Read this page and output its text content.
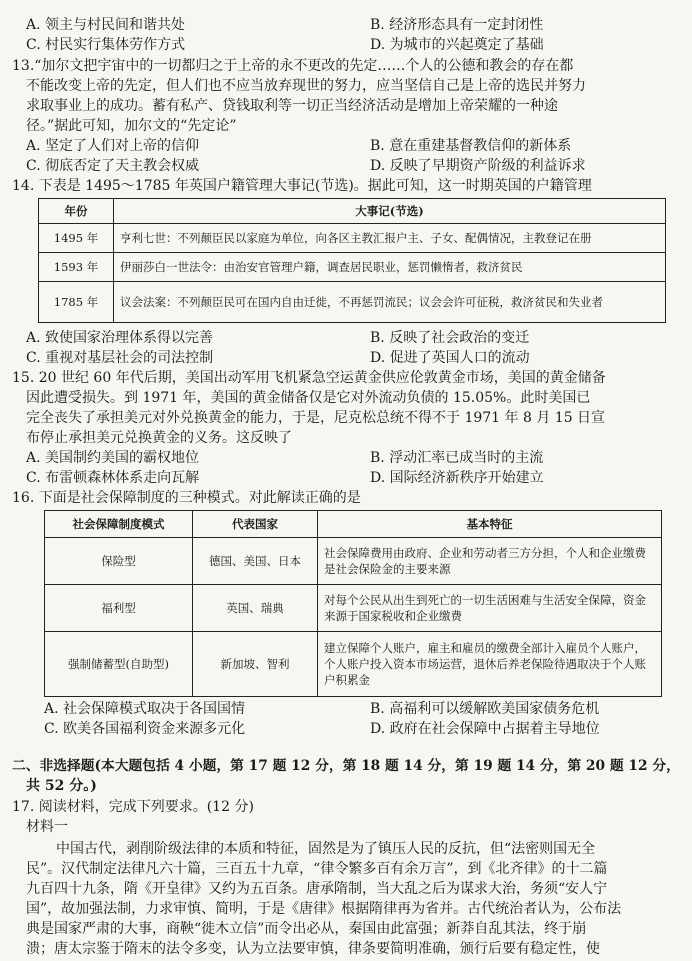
A. 领主与村民间和谐共处	B. 经济形态具有一定封闭性
C. 村民实行集体劳作方式	D. 为城市的兴起奠定了基础
13.“加尔文把宇宙中的一切都归之于上帝的永不更改的先定……个人的公德和教会的存在都
不能改变上帝的先定，但人们也不应当放弃现世的努力，应当坚信自己是上帝的选民并努力
求取事业上的成功。蓄有私产、贷钱取利等一切正当经济活动是增加上帝荣耀的一种途
径。”据此可知，加尔文的“先定论”
A. 坚定了人们对上帝的信仰	B. 意在重建基督教信仰的新体系
C. 彻底否定了天主教会权威	D. 反映了早期资产阶级的利益诉求
14. 下表是 1495～1785 年英国户籍管理大事记(节选)。据此可知，这一时期英国的户籍管理
年份	大事记(节选)
1495 年	亨利七世：不列颠臣民以家庭为单位，向各区主教汇报户主、子女、配偶情况，主教登记在册
1593 年	伊丽莎白一世法令：由治安官管理户籍，调查居民职业，惩罚懒惰者，救济贫民
1785 年	议会法案：不列颠臣民可在国内自由迁徙，不再惩罚流民；议会会许可征税，救济贫民和失业者
A. 致使国家治理体系得以完善	B. 反映了社会政治的变迁
C. 重视对基层社会的司法控制	D. 促进了英国人口的流动
15. 20 世纪 60 年代后期，美国出动军用飞机紧急空运黄金供应伦敦黄金市场，美国的黄金储备
因此遭受损失。到 1971 年，美国的黄金储备仅是它对外流动负债的 15.05%。此时美国已
完全丧失了承担美元对外兑换黄金的能力，于是，尼克松总统不得不于 1971 年 8 月 15 日宣
布停止承担美元兑换黄金的义务。这反映了
A. 美国制约美国的霸权地位	B. 浮动汇率已成当时的主流
C. 布雷顿森林体系走向瓦解	D. 国际经济新秩序开始建立
16. 下面是社会保障制度的三种模式。对此解读正确的是
社会保障制度模式	代表国家	基本特征
保险型	德国、美国、日本	社会保障费用由政府、企业和劳动者三方分担，个人和企业缴费是社会保险金的主要来源
福利型	英国、瑞典	对每个公民从出生到死亡的一切生活困难与生活安全保障，资金来源于国家税收和企业缴费
强制储蓄型(自助型)	新加坡、智利	建立保障个人账户，雇主和雇员的缴费全部计入雇员个人账户，个人账户投入资本市场运营，退休后养老保险待遇取决于个人账户积累金
A. 社会保障模式取决于各国国情	B. 高福利可以缓解欧美国家债务危机
C. 欧美各国福利资金来源多元化	D. 政府在社会保障中占据着主导地位
二、非选择题(本大题包括 4 小题，第 17 题 12 分，第 18 题 14 分，第 19 题 14 分，第 20 题 12 分，
共 52 分。)
17. 阅读材料，完成下列要求。(12 分)
材料一
中国古代，剥削阶级法律的本质和特征，固然是为了镇压人民的反抗，但“法密则国无全
民”。汉代制定法律凡六十篇，三百五十九章，“律令繁多百有余万言”，到《北齐律》的十二篇
九百四十九条，隋《开皇律》又约为五百条。唐承隋制，当大乱之后为谋求大治，务须“安人宁
国”，故加强法制，力求审慎、简明，于是《唐律》根据隋律再为省并。古代统治者认为，公布法
典是国家严肃的大事，商鞅“徙木立信”而令出必从，秦国由此富强；新莽自乱其法，终于崩
溃；唐太宗鉴于隋末的法令多变，认为立法要审慎，律条要简明准确，颁行后要有稳定性，使
